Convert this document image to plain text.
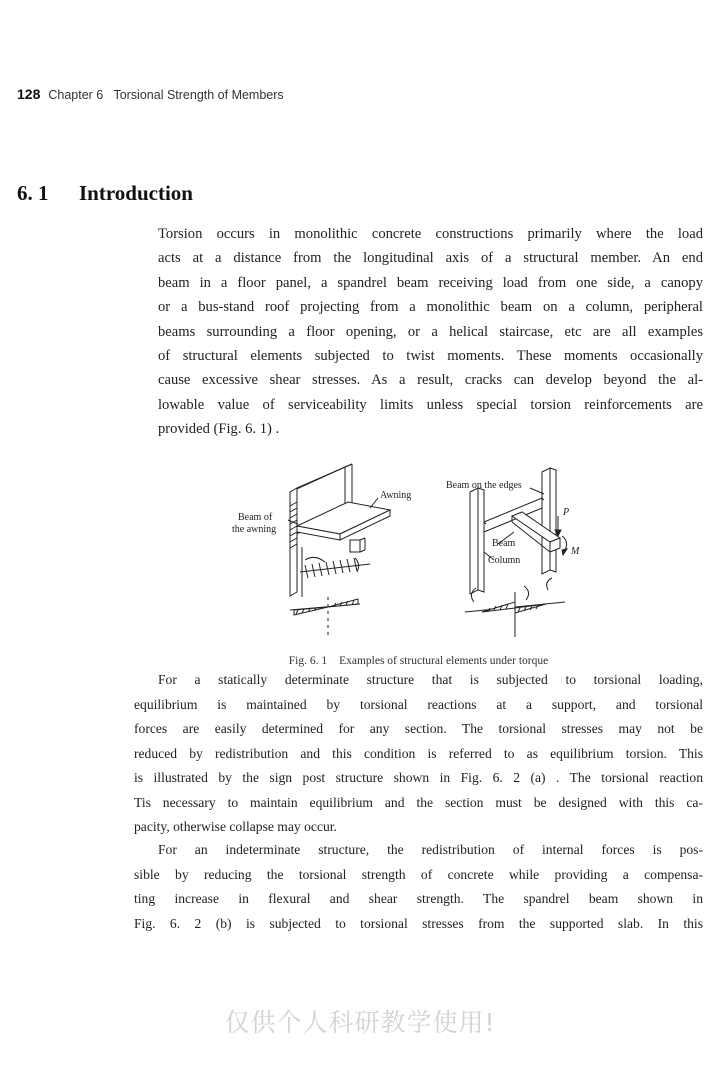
128 Chapter 6   Torsional Strength of Members
6. 1 Introduction
Torsion occurs in monolithic concrete constructions primarily where the load
acts at a distance from the longitudinal axis of a structural member. An end
beam in a floor panel, a spandrel beam receiving load from one side, a canopy
or a bus-stand roof projecting from a monolithic beam on a column, peripheral
beams surrounding a floor opening, or a helical staircase, etc are all examples
of structural elements subjected to twist moments. These moments occasionally
cause excessive shear stresses. As a result, cracks can develop beyond the al-
lowable value of serviceability limits unless special torsion reinforcements are
provided (Fig. 6. 1) .
Awning
Beam of
the awning
Beam on the edges
Beam
Column
P
M
Fig. 6. 1 Examples of structural elements under torque
For a statically determinate structure that is subjected to torsional loading,
equilibrium is maintained by torsional reactions at a support, and torsional
forces are easily determined for any section. The torsional stresses may not be
reduced by redistribution and this condition is referred to as equilibrium torsion. This
is illustrated by the sign post structure shown in Fig. 6. 2 (a) . The torsional reaction
Tis necessary to maintain equilibrium and the section must be designed with this ca-
pacity, otherwise collapse may occur.
For an indeterminate structure, the redistribution of internal forces is pos-
sible by reducing the torsional strength of concrete while providing a compensa-
ting increase in flexural and shear strength. The spandrel beam shown in
Fig. 6. 2 (b) is subjected to torsional stresses from the supported slab. In this
仅供个人科研教学使用!
